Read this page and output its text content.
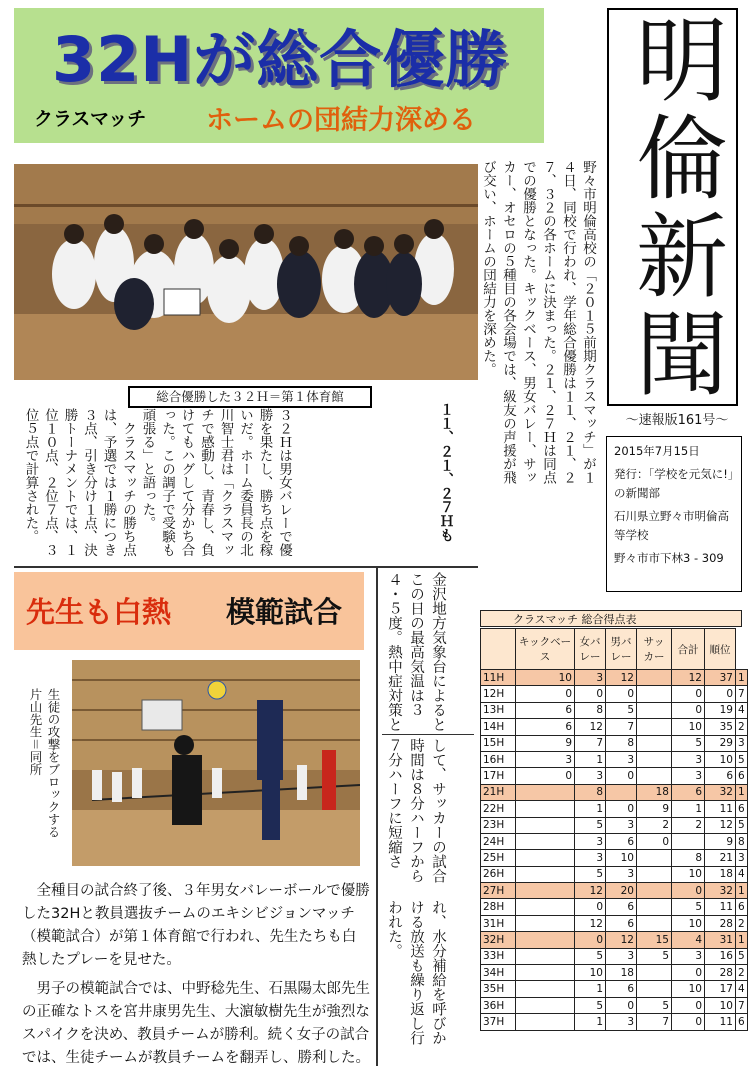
32Hが総合優勝
クラスマッチ ホームの団結力深める 明倫新聞
～速報版161号～
2015年7月15日
発行：「学校を元気に!」の新聞部
石川県立野々市明倫高等学校
野々市市下林3 ‐ 309
総合優勝した３２Ｈ＝第１体育館	野々市明倫高校の「２０１５前期クラスマッチ」が１４日、同校で行われ、学年総合優勝は１１、２１、２７、３２の各ホームに決まった。２１、２７Ｈは同点での優勝となった。キックベース、男女バレー、サッカー、オセロの５種目の各会場では、級友の声援が飛び交い、ホームの団結力を深めた。
１１、２１、２７Ｈも
３２Ｈは男女バレーで優勝を果たし、勝ち点を稼いだ。ホーム委員長の北川智士君は「クラスマッチで感動し、青春し、負けてもハグして分かち合った。この調子で受験も頑張る」と語った。
　クラスマッチの勝ち点は、予選では１勝につき３点、引き分け１点、決勝トーナメントでは、１位１０点、２位７点、３位５点で計算された。
先生も白熱 模範試合
生徒の攻撃をブロックする
片山先生＝同所

全種目の試合終了後、３年男女バレーボールで優勝した32Hと教員選抜チームのエキシビジョンマッチ（模範試合）が第１体育館で行われ、先生たちも白熱したプレーを見せた。

男子の模範試合では、中野稔先生、石黒陽太郎先生の正確なトスを宮井康男先生、大濵敏樹先生が強烈なスパイクを決め、教員チームが勝利。続く女子の試合では、生徒チームが教員チームを翻弄し、勝利した。

金沢地方気象台によるとこの日の最高気温は３４・５度。熱中症対策と
して、サッカーの試合時間は８分ハーフから７分ハーフに短縮さ
れ、水分補給を呼びかける放送も繰り返し行われた。
クラスマッチ 総合得点表
	キックベース	女バレー	男バレー	サッカー	合計	順位	
11H	10	3	12		12	37	1
12H	0	0	0		0	0	7
13H	6	8	5		0	19	4
14H	6	12	7		10	35	2
15H	9	7	8		5	29	3
16H	3	1	3		3	10	5
17H	0	3	0		3	6	6
21H		8		18	6	32	1
22H		1	0	9	1	11	6
23H		5	3	2	2	12	5
24H		3	6	0		9	8
25H		3	10		8	21	3
26H		5	3		10	18	4
27H		12	20		0	32	1
28H		0	6		5	11	6
31H		12	6		10	28	2
32H		0	12	15	4	31	1
33H		5	3	5	3	16	5
34H		10	18		0	28	2
35H		1	6		10	17	4
36H		5	0	5	0	10	7
37H		1	3	7	0	11	6
